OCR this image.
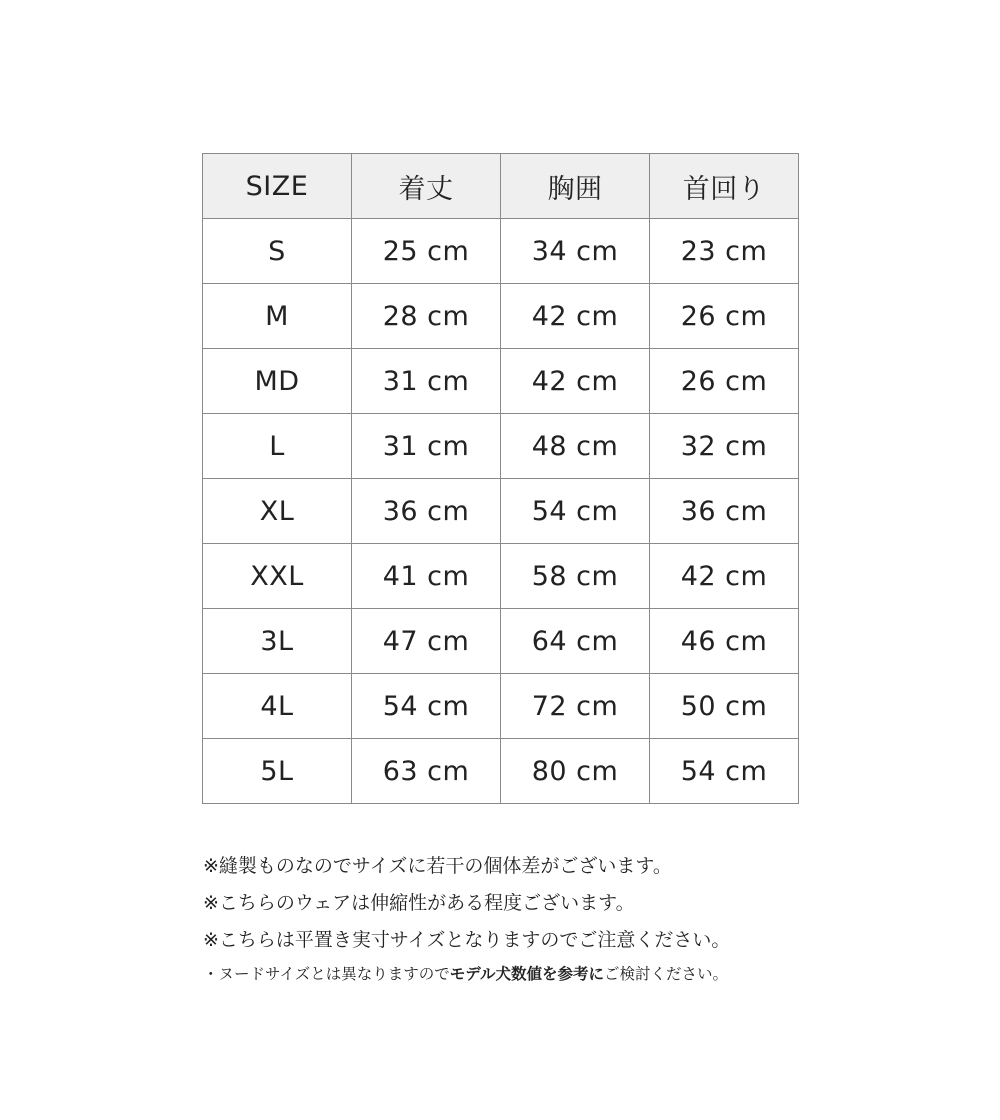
SIZE	着丈	胸囲	首回り
S	25 cm	34 cm	23 cm
M	28 cm	42 cm	26 cm
MD	31 cm	42 cm	26 cm
L	31 cm	48 cm	32 cm
XL	36 cm	54 cm	36 cm
XXL	41 cm	58 cm	42 cm
3L	47 cm	64 cm	46 cm
4L	54 cm	72 cm	50 cm
5L	63 cm	80 cm	54 cm
※縫製ものなのでサイズに若干の個体差がございます。
※こちらのウェアは伸縮性がある程度ございます。
※こちらは平置き実寸サイズとなりますのでご注意ください。
・ヌードサイズとは異なりますのでモデル犬数値を参考にご検討ください。
